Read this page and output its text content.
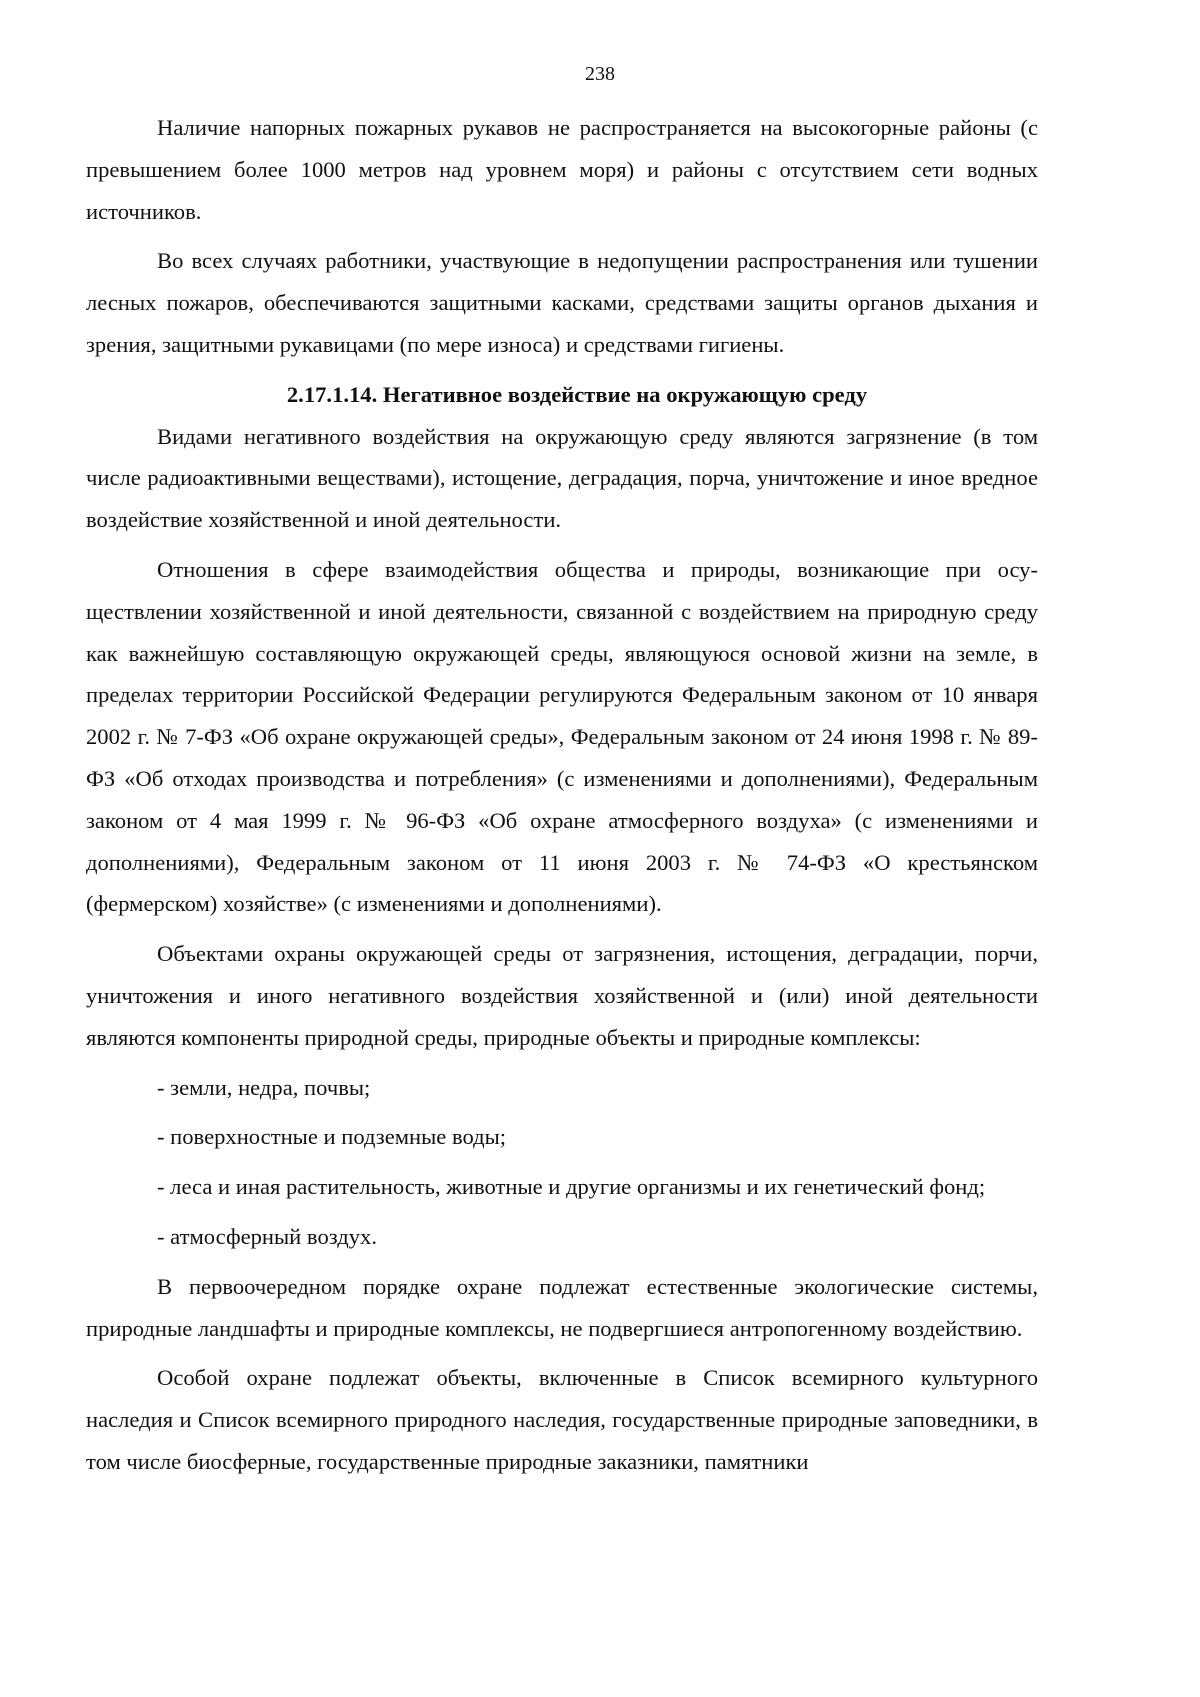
238

Наличие напорных пожарных рукавов не распространяется на высокогорные районы (с превышением более 1000 метров над уровнем моря) и районы с отсутствием сети водных источников.

Во всех случаях работники, участвующие в недопущении распространения или тушении лесных пожаров, обеспечиваются защитными касками, средствами защиты органов дыхания и зрения, защитными рукавицами (по мере износа) и средствами гигиены.

2.17.1.14. Негативное воздействие на окружающую среду

Видами негативного воздействия на окружающую среду являются загрязнение (в том числе радиоактивными веществами), истощение, деградация, порча, уничтожение и иное вредное воздействие хозяйственной и иной деятельности.

Отношения в сфере взаимодействия общества и природы, возникающие при осуществлении хозяйственной и иной деятельности, связанной с воздействием на природную среду как важнейшую составляющую окружающей среды, являющуюся основой жизни на земле, в пределах территории Российской Федерации регулируются Федеральным законом от 10 января 2002 г. № 7-ФЗ «Об охране окружающей среды», Федеральным законом от 24 июня 1998 г. № 89-ФЗ «Об отходах производства и потребления» (с изменениями и дополнениями), Федеральным законом от 4 мая 1999 г. № 96-ФЗ «Об охране атмосферного воздуха» (с изменениями и дополнениями), Федеральным законом от 11 июня 2003 г. № 74-ФЗ «О крестьянском (фермерском) хозяйстве» (с изменениями и дополнениями).

Объектами охраны окружающей среды от загрязнения, истощения, деградации, порчи, уничтожения и иного негативного воздействия хозяйственной и (или) иной деятельности являются компоненты природной среды, природные объекты и природные комплексы:

- земли, недра, почвы;

- поверхностные и подземные воды;

- леса и иная растительность, животные и другие организмы и их генетический фонд;

- атмосферный воздух.

В первоочередном порядке охране подлежат естественные экологические системы, природные ландшафты и природные комплексы, не подвергшиеся антропогенному воздействию.

Особой охране подлежат объекты, включенные в Список всемирного культурного наследия и Список всемирного природного наследия, государственные природные заповедники, в том числе биосферные, государственные природные заказники, памятники
